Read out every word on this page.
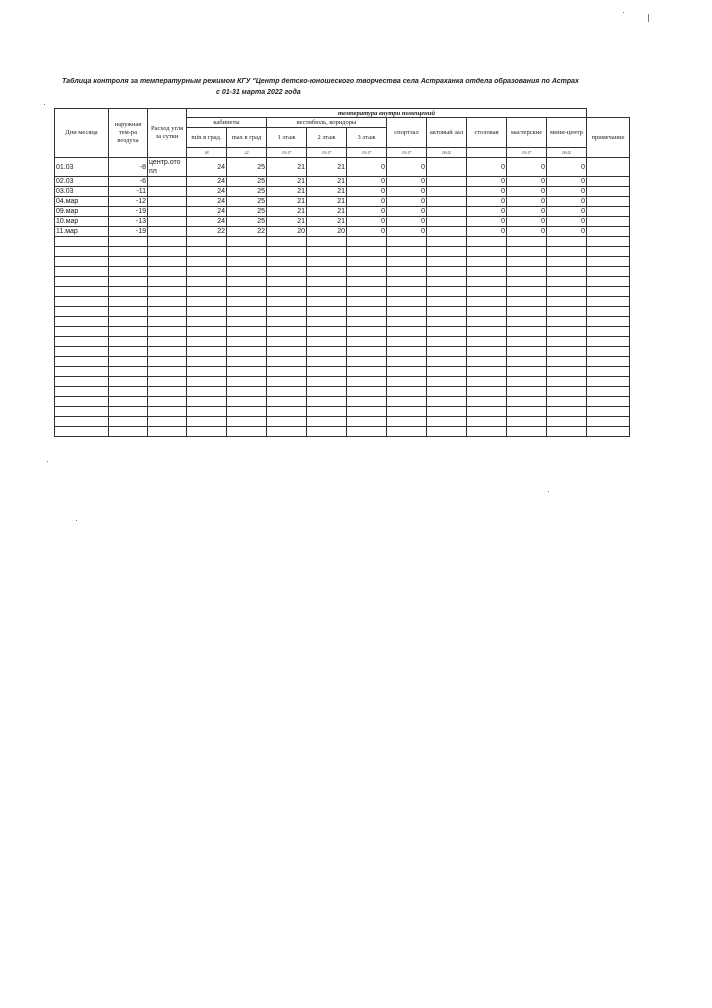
Таблица контроля за температурным режимом КГУ "Центр детско-юношеского творчества села Астраханка отдела образования по Астрах
с 01-31 марта 2022 года
Дни месяца	наружная тем-ра воздуха	Расход угля за сутки	температура внутри помещений										
			кабинеты		вестибюль, коридоры			спортзал	актовый зал	столовая	мастерские	мини-центр	примечание
			min в град.	max в град	1 этаж	2 этаж	3 этаж						
			18	22	15-17	15-17	15-17	15-17	18-22		15-17	18-22	
01.03	-8	центр.ото пл	24	25	21	21	0	0		0	0	0	
02.03	-6		24	25	21	21	0	0		0	0	0	
03.03	-11		24	25	21	21	0	0		0	0	0	
04.мар	-12		24	25	21	21	0	0		0	0	0	
09.мар	-19		24	25	21	21	0	0		0	0	0	
10.мар	-13		24	25	21	21	0	0		0	0	0	
11.мар	-19		22	22	20	20	0	0		0	0	0	
